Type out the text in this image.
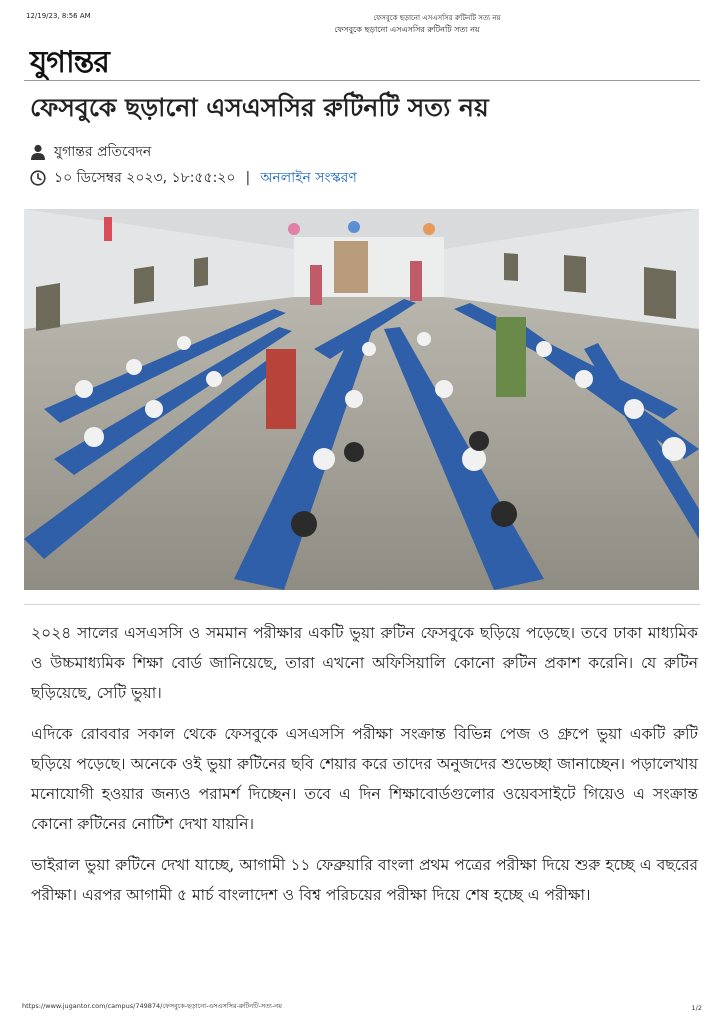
12/19/23, 8:56 AM	ফেসবুকে ছড়ানো এসএসসির রুটিনটি সত্য নয়
ফেসবুকে ছড়ানো এসএসসির রুটিনটি সত্য নয়
যুগান্তর
ফেসবুকে ছড়ানো এসএসসির রুটিনটি সত্য নয়
যুগান্তর প্রতিবেদন
১০ ডিসেম্বর ২০২৩, ১৮:৫৫:২০ | অনলাইন সংস্করণ

২০২৪ সালের এসএসসি ও সমমান পরীক্ষার একটি ভুয়া রুটিন ফেসবুকে ছড়িয়ে পড়েছে। তবে ঢাকা মাধ্যমিক ও উচ্চমাধ্যমিক শিক্ষা বোর্ড জানিয়েছে, তারা এখনো অফিসিয়ালি কোনো রুটিন প্রকাশ করেনি। যে রুটিন ছড়িয়েছে, সেটি ভুয়া।

এদিকে রোববার সকাল থেকে ফেসবুকে এসএসসি পরীক্ষা সংক্রান্ত বিভিন্ন পেজ ও গ্রুপে ভুয়া একটি রুটি ছড়িয়ে পড়েছে। অনেকে ওই ভুয়া রুটিনের ছবি শেয়ার করে তাদের অনুজদের শুভেচ্ছা জানাচ্ছেন। পড়ালেখায় মনোযোগী হওয়ার জন্যও পরামর্শ দিচ্ছেন। তবে এ দিন শিক্ষাবোর্ডগুলোর ওয়েবসাইটে গিয়েও এ সংক্রান্ত কোনো রুটিনের নোটিশ দেখা যায়নি।

ভাইরাল ভুয়া রুটিনে দেখা যাচ্ছে, আগামী ১১ ফেব্রুয়ারি বাংলা প্রথম পত্রের পরীক্ষা দিয়ে শুরু হচ্ছে এ বছরের পরীক্ষা। এরপর আগামী ৫ মার্চ বাংলাদেশ ও বিশ্ব পরিচয়ের পরীক্ষা দিয়ে শেষ হচ্ছে এ পরীক্ষা।

https://www.jugantor.com/campus/749874/ফেসবুকে-ছড়ানো-এসএসসির-রুটিনটি-সত্য-নয়	1/2
